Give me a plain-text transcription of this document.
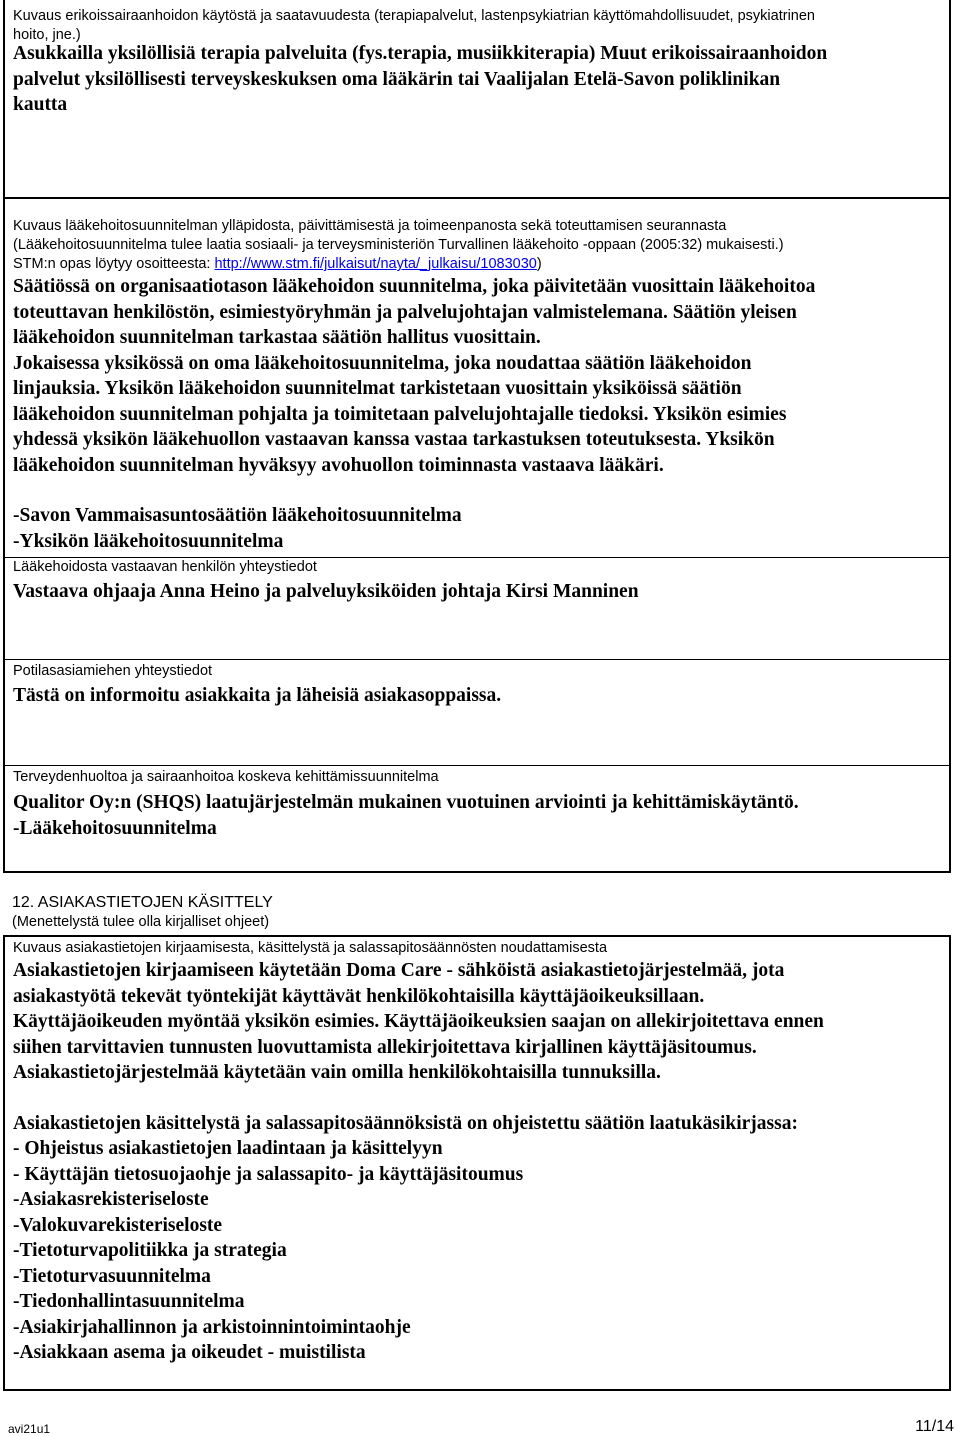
Kuvaus erikoissairaanhoidon käytöstä ja saatavuudesta (terapiapalvelut, lastenpsykiatrian käyttömahdollisuudet, psykiatrinen
hoito, jne.)
Asukkailla yksilöllisiä terapia palveluita (fys.terapia, musiikkiterapia) Muut erikoissairaanhoidon
palvelut yksilöllisesti terveyskeskuksen oma lääkärin tai Vaalijalan Etelä-Savon poliklinikan
kautta
Kuvaus lääkehoitosuunnitelman ylläpidosta, päivittämisestä ja toimeenpanosta sekä toteuttamisen seurannasta
(Lääkehoitosuunnitelma tulee laatia sosiaali- ja terveysministeriön Turvallinen lääkehoito -oppaan (2005:32) mukaisesti.)
STM:n opas löytyy osoitteesta: http://www.stm.fi/julkaisut/nayta/_julkaisu/1083030)
Säätiössä on organisaatiotason lääkehoidon suunnitelma, joka päivitetään vuosittain lääkehoitoa
toteuttavan henkilöstön, esimiestyöryhmän ja palvelujohtajan valmistelemana. Säätiön yleisen
lääkehoidon suunnitelman tarkastaa säätiön hallitus vuosittain.
Jokaisessa yksikössä on oma lääkehoitosuunnitelma, joka noudattaa säätiön lääkehoidon
linjauksia. Yksikön lääkehoidon suunnitelmat tarkistetaan vuosittain yksiköissä säätiön
lääkehoidon suunnitelman pohjalta ja toimitetaan palvelujohtajalle tiedoksi. Yksikön esimies
yhdessä yksikön lääkehuollon vastaavan kanssa vastaa tarkastuksen toteutuksesta. Yksikön
lääkehoidon suunnitelman hyväksyy avohuollon toiminnasta vastaava lääkäri.
-Savon Vammaisasuntosäätiön lääkehoitosuunnitelma
-Yksikön lääkehoitosuunnitelma
Lääkehoidosta vastaavan henkilön yhteystiedot
Vastaava ohjaaja Anna Heino ja palveluyksiköiden johtaja Kirsi Manninen
Potilasasiamiehen yhteystiedot
Tästä on informoitu asiakkaita ja läheisiä asiakasoppaissa.
Terveydenhuoltoa ja sairaanhoitoa koskeva kehittämissuunnitelma
Qualitor Oy:n (SHQS) laatujärjestelmän mukainen vuotuinen arviointi ja kehittämiskäytäntö.
-Lääkehoitosuunnitelma
12. ASIAKASTIETOJEN KÄSITTELY
(Menettelystä tulee olla kirjalliset ohjeet)
Kuvaus asiakastietojen kirjaamisesta, käsittelystä ja salassapitosäännösten noudattamisesta
Asiakastietojen kirjaamiseen käytetään Doma Care - sähköistä asiakastietojärjestelmää, jota
asiakastyötä tekevät työntekijät käyttävät henkilökohtaisilla käyttäjäoikeuksillaan.
Käyttäjäoikeuden myöntää yksikön esimies. Käyttäjäoikeuksien saajan on allekirjoitettava ennen
siihen tarvittavien tunnusten luovuttamista allekirjoitettava kirjallinen käyttäjäsitoumus.
Asiakastietojärjestelmää käytetään vain omilla henkilökohtaisilla tunnuksilla.
Asiakastietojen käsittelystä ja salassapitosäännöksistä on ohjeistettu säätiön laatukäsikirjassa:
- Ohjeistus asiakastietojen laadintaan ja käsittelyyn
- Käyttäjän tietosuojaohje ja salassapito- ja käyttäjäsitoumus
-Asiakasrekisteriseloste
-Valokuvarekisteriseloste
-Tietoturvapolitiikka ja strategia
-Tietoturvasuunnitelma
-Tiedonhallintasuunnitelma
-Asiakirjahallinnon ja arkistoinnintoimintaohje
-Asiakkaan asema ja oikeudet - muistilista
avi21u1	11/14
